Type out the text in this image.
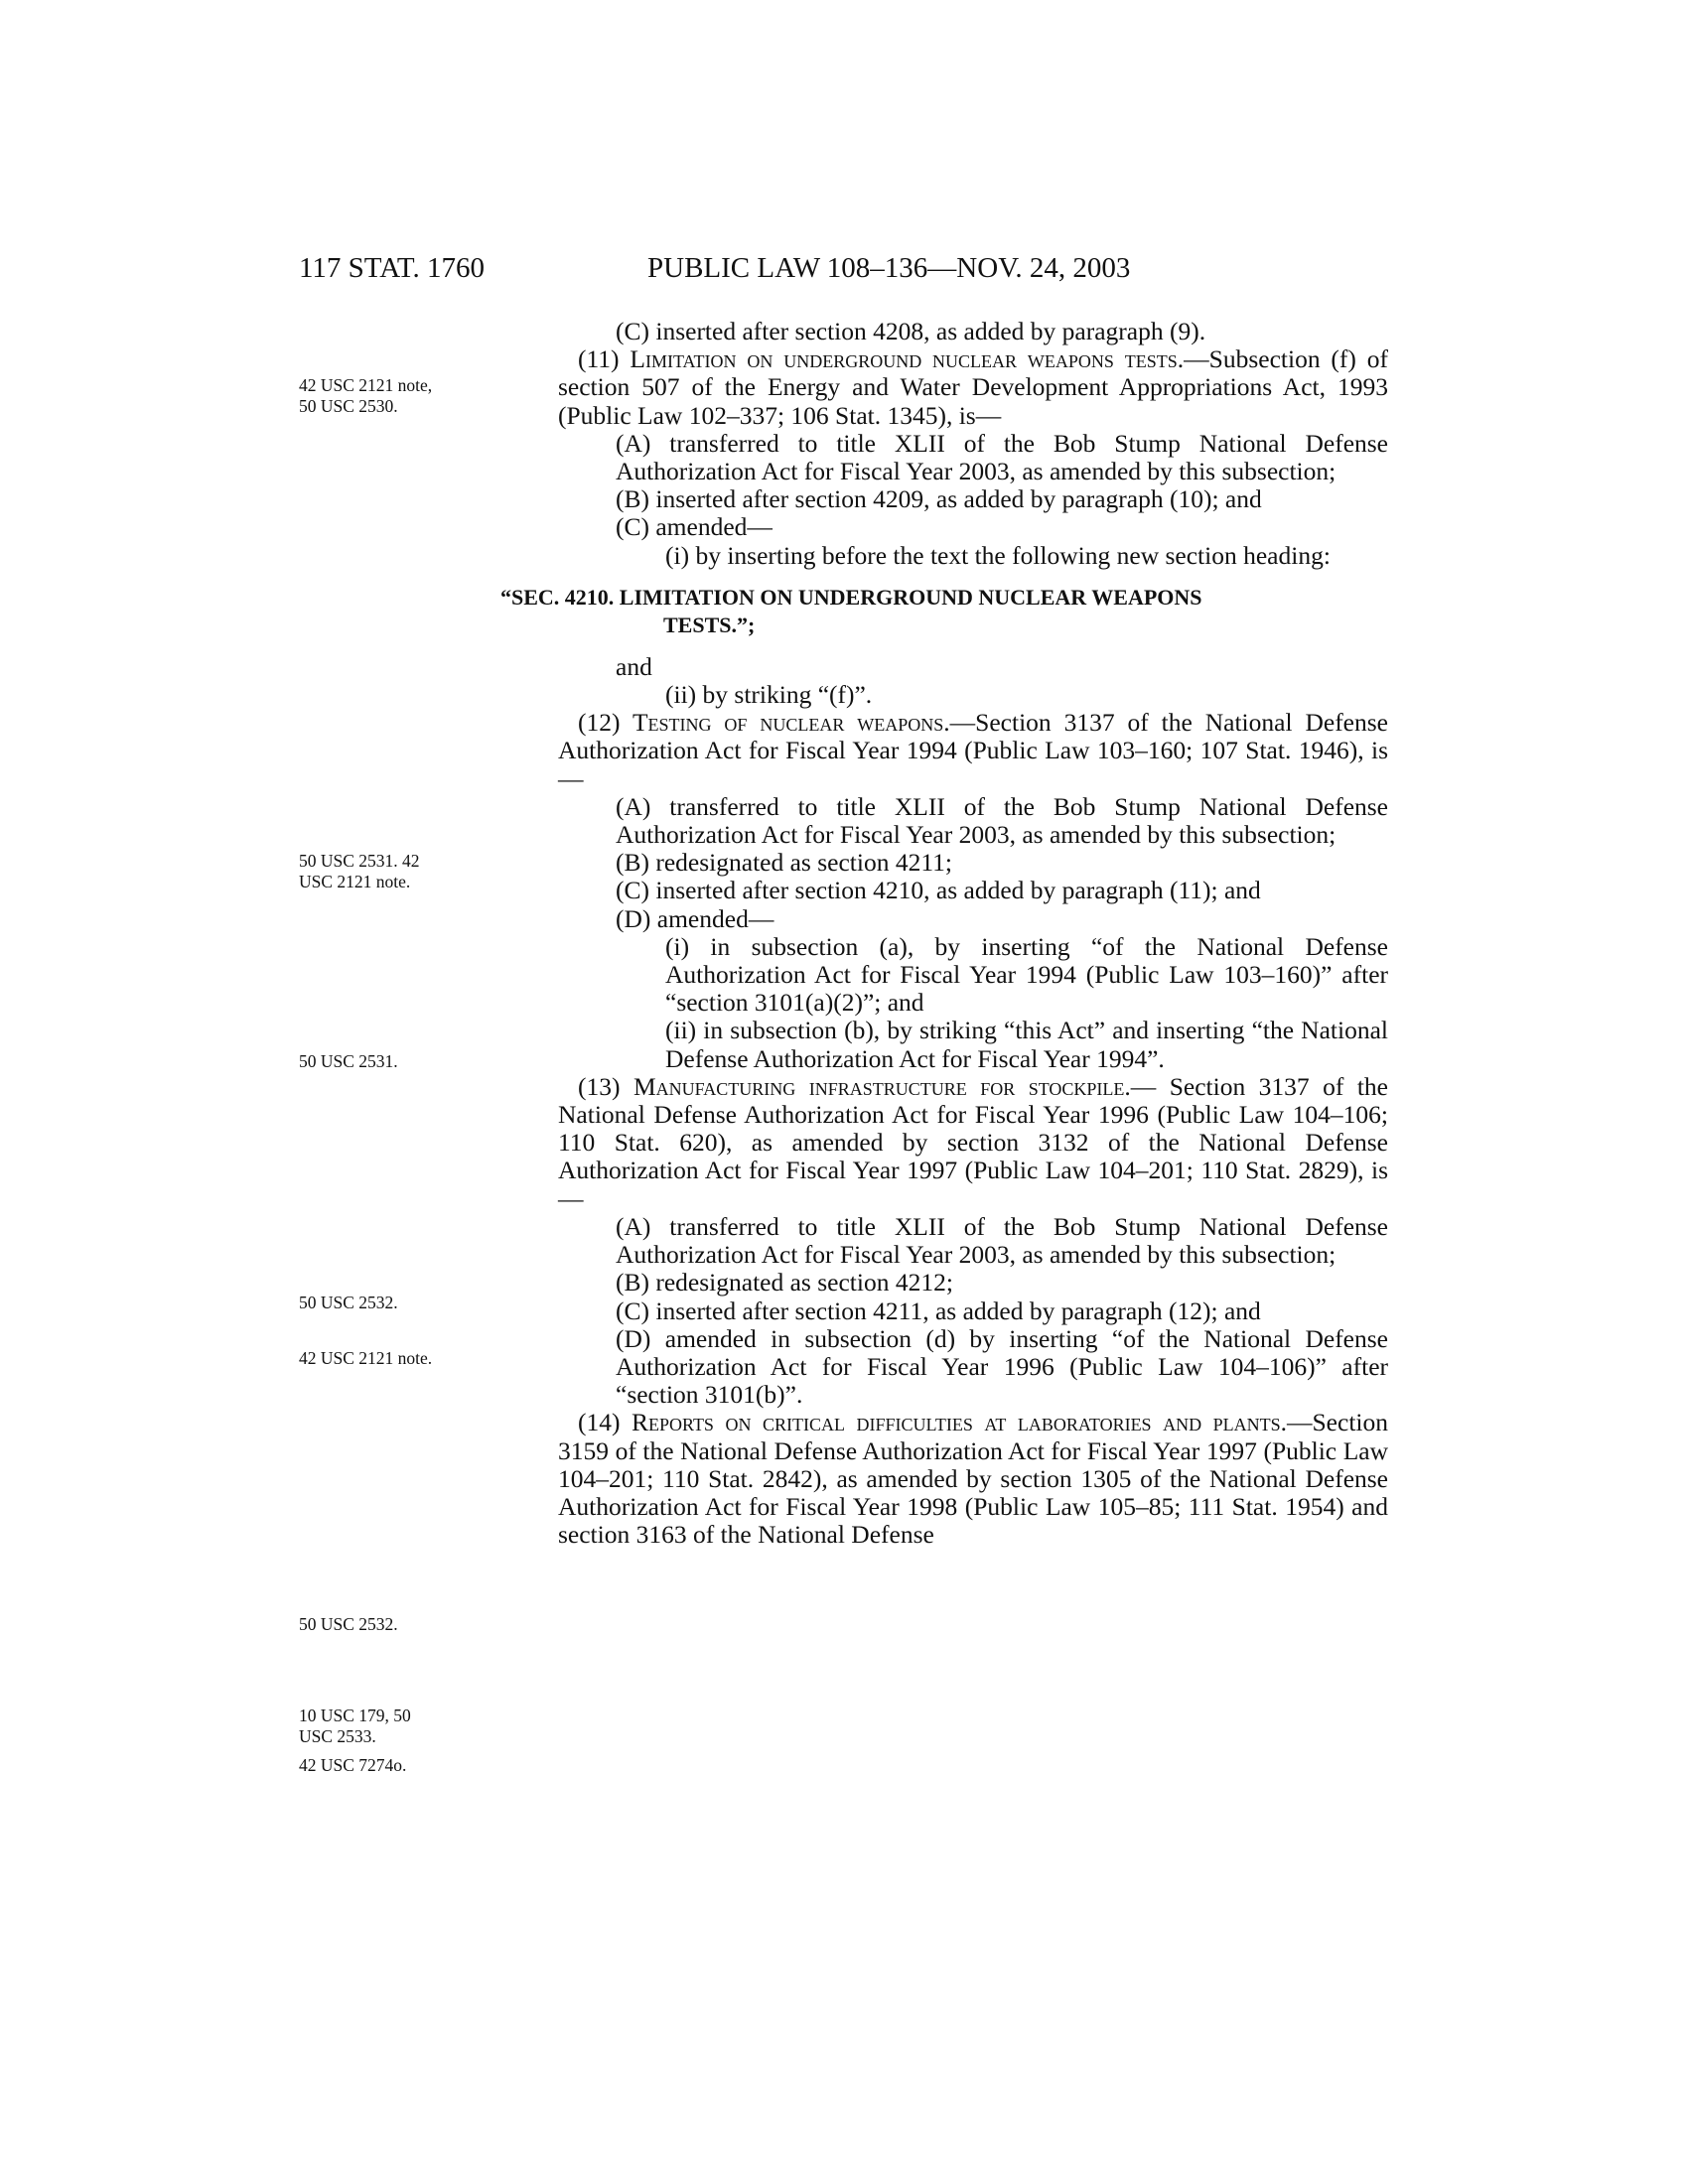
117 STAT. 1760	PUBLIC LAW 108–136—NOV. 24, 2003
42 USC 2121 note, 50 USC 2530.
50 USC 2531. 42 USC 2121 note.
50 USC 2531.
50 USC 2532.
42 USC 2121 note.
50 USC 2532.
10 USC 179, 50 USC 2533.
42 USC 7274o.
(C) inserted after section 4208, as added by paragraph (9).
(11) Limitation on underground nuclear weapons tests.—Subsection (f) of section 507 of the Energy and Water Development Appropriations Act, 1993 (Public Law 102–337; 106 Stat. 1345), is—
(A) transferred to title XLII of the Bob Stump National Defense Authorization Act for Fiscal Year 2003, as amended by this subsection;
(B) inserted after section 4209, as added by paragraph (10); and
(C) amended—
(i) by inserting before the text the following new section heading:
“SEC. 4210. LIMITATION ON UNDERGROUND NUCLEAR WEAPONS
TESTS.”;
and
(ii) by striking “(f)”.
(12) Testing of nuclear weapons.—Section 3137 of the National Defense Authorization Act for Fiscal Year 1994 (Public Law 103–160; 107 Stat. 1946), is—
(A) transferred to title XLII of the Bob Stump National Defense Authorization Act for Fiscal Year 2003, as amended by this subsection;
(B) redesignated as section 4211;
(C) inserted after section 4210, as added by paragraph (11); and
(D) amended—
(i) in subsection (a), by inserting “of the National Defense Authorization Act for Fiscal Year 1994 (Public Law 103–160)” after “section 3101(a)(2)”; and
(ii) in subsection (b), by striking “this Act” and inserting “the National Defense Authorization Act for Fiscal Year 1994”.
(13) Manufacturing infrastructure for stockpile.— Section 3137 of the National Defense Authorization Act for Fiscal Year 1996 (Public Law 104–106; 110 Stat. 620), as amended by section 3132 of the National Defense Authorization Act for Fiscal Year 1997 (Public Law 104–201; 110 Stat. 2829), is—
(A) transferred to title XLII of the Bob Stump National Defense Authorization Act for Fiscal Year 2003, as amended by this subsection;
(B) redesignated as section 4212;
(C) inserted after section 4211, as added by paragraph (12); and
(D) amended in subsection (d) by inserting “of the National Defense Authorization Act for Fiscal Year 1996 (Public Law 104–106)” after “section 3101(b)”.
(14) Reports on critical difficulties at laboratories and plants.—Section 3159 of the National Defense Authorization Act for Fiscal Year 1997 (Public Law 104–201; 110 Stat. 2842), as amended by section 1305 of the National Defense Authorization Act for Fiscal Year 1998 (Public Law 105–85; 111 Stat. 1954) and section 3163 of the National Defense
